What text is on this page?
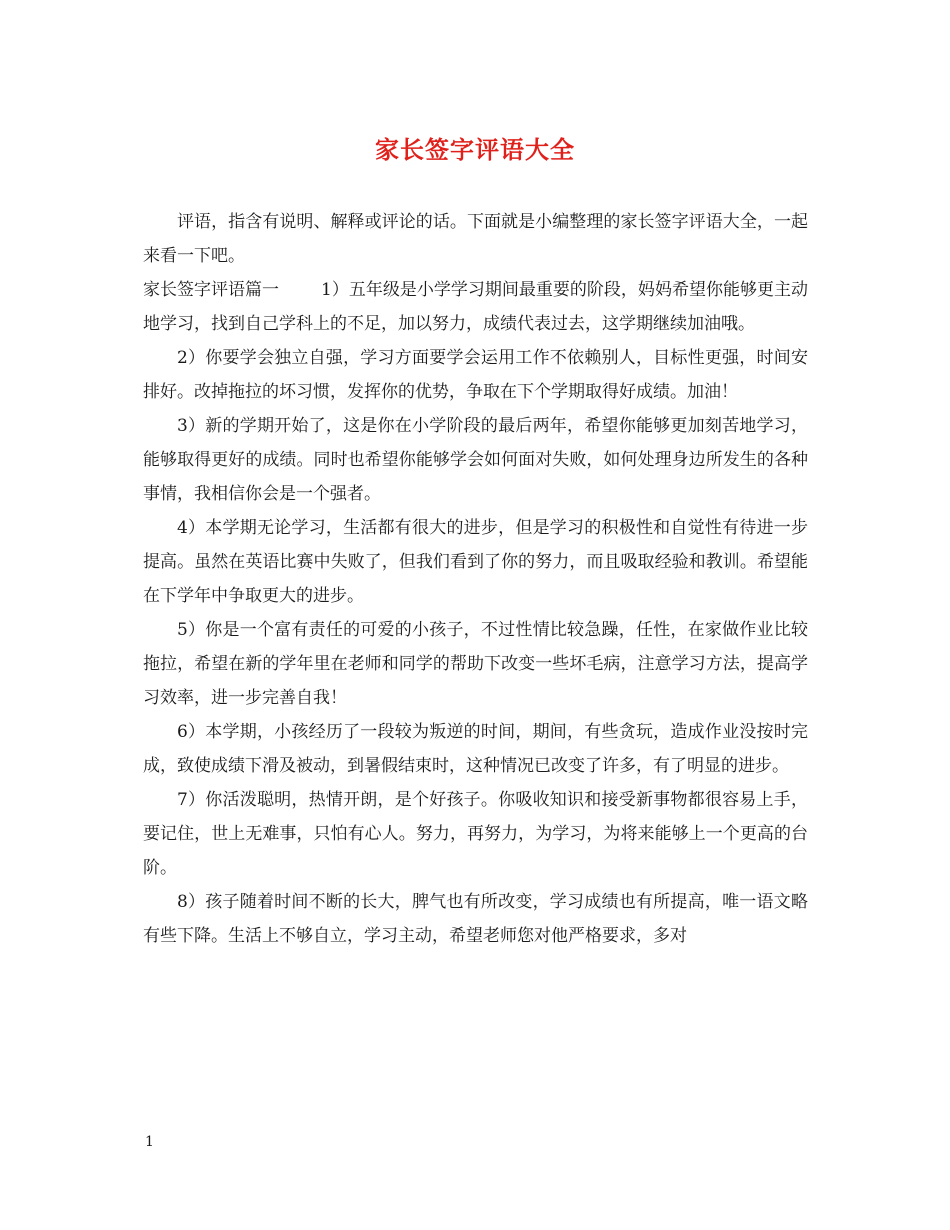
家长签字评语大全

评语，指含有说明、解释或评论的话。下面就是小编整理的家长签字评语大全，一起来看一下吧。

家长签字评语篇一 1）五年级是小学学习期间最重要的阶段，妈妈希望你能够更主动地学习，找到自己学科上的不足，加以努力，成绩代表过去，这学期继续加油哦。

2）你要学会独立自强，学习方面要学会运用工作不依赖别人，目标性更强，时间安排好。改掉拖拉的坏习惯，发挥你的优势，争取在下个学期取得好成绩。加油！

3）新的学期开始了，这是你在小学阶段的最后两年，希望你能够更加刻苦地学习，能够取得更好的成绩。同时也希望你能够学会如何面对失败，如何处理身边所发生的各种事情，我相信你会是一个强者。

4）本学期无论学习，生活都有很大的进步，但是学习的积极性和自觉性有待进一步提高。虽然在英语比赛中失败了，但我们看到了你的努力，而且吸取经验和教训。希望能在下学年中争取更大的进步。

5）你是一个富有责任的可爱的小孩子，不过性情比较急躁，任性，在家做作业比较拖拉，希望在新的学年里在老师和同学的帮助下改变一些坏毛病，注意学习方法，提高学习效率，进一步完善自我！

6）本学期，小孩经历了一段较为叛逆的时间，期间，有些贪玩，造成作业没按时完成，致使成绩下滑及被动，到暑假结束时，这种情况已改变了许多，有了明显的进步。

7）你活泼聪明，热情开朗，是个好孩子。你吸收知识和接受新事物都很容易上手，要记住，世上无难事，只怕有心人。努力，再努力，为学习，为将来能够上一个更高的台阶。

8）孩子随着时间不断的长大，脾气也有所改变，学习成绩也有所提高，唯一语文略有些下降。生活上不够自立，学习主动，希望老师您对他严格要求，多对

1
